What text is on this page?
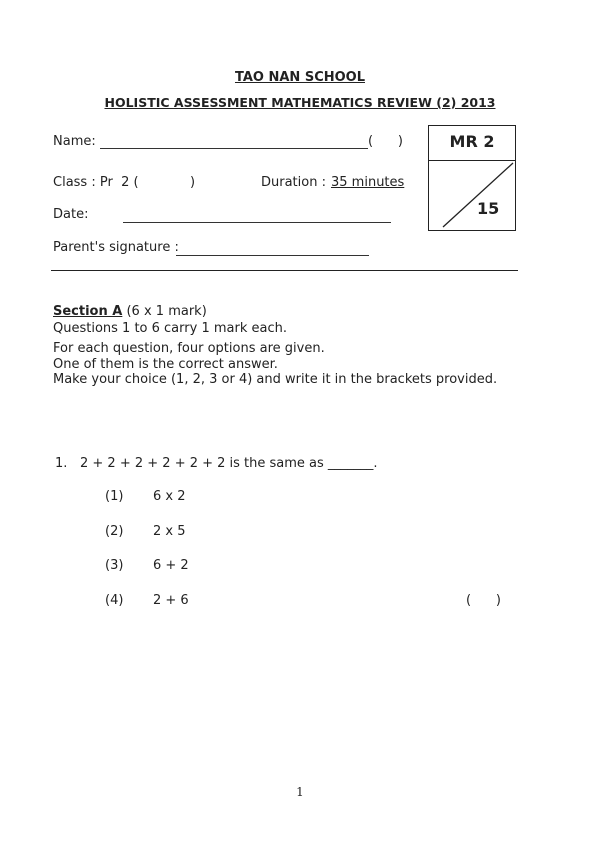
TAO NAN SCHOOL
HOLISTIC ASSESSMENT MATHEMATICS REVIEW (2) 2013
Name:	(      )
Class : Pr  2 (	)	Duration : 35 minutes
Date:
Parent's signature :
MR 2
15
Section A (6 x 1 mark)
Questions 1 to 6 carry 1 mark each.
For each question, four options are given.
One of them is the correct answer.
Make your choice (1, 2, 3 or 4) and write it in the brackets provided.
1. 2 + 2 + 2 + 2 + 2 + 2 is the same as _______.
(1) 6 x 2
(2) 2 x 5
(3) 6 + 2
(4) 2 + 6	(      )
1
